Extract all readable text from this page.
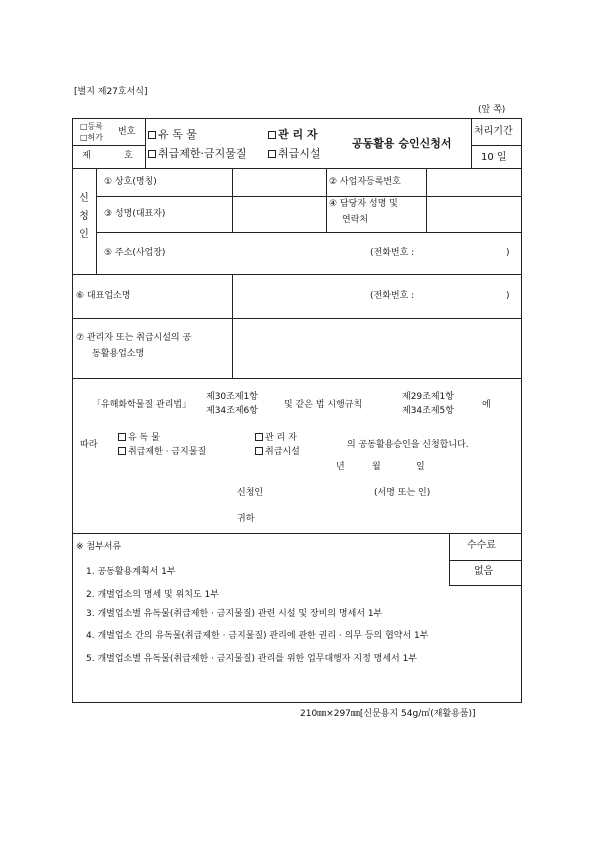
[별지 제27호서식]
(앞 쪽)
□등록
□허가
번호
제	호
유 독 물
취급제한·금지물질
관 리 자
취급시설
공동활용 승인신청서
처리기간
10 일
신
청
인
① 상호(명칭)	② 사업자등록번호
③ 성명(대표자)
④ 담당자 성명 및
연락처
⑤ 주소(사업장)	(전화번호 :	)
⑥ 대표업소명	(전화번호 :	)
⑦ 관리자 또는 취급시설의 공
동활용업소명
「유해화학물질 관리법」
제30조제1항
제34조제6항
및 같은 법 시행규칙
제29조제1항
제34조제5항
에
따라
유 독 물
취급제한 · 금지물질
관 리 자
취급시설
의 공동활용승인을 신청합니다.
년	월	일
신청인	(서명 또는 인)
귀하
※ 첨부서류
1. 공동활용계획서 1부
2. 개별업소의 명세 및 위치도 1부
3. 개별업소별 유독물(취급제한 · 금지물질) 관련 시설 및 장비의 명세서 1부
4. 개별업소 간의 유독물(취급제한 · 금지물질) 관리에 관한 권리 · 의무 등의 협약서 1부
5. 개별업소별 유독물(취급제한 · 금지물질) 관리를 위한 업무대행자 지정 명세서 1부
수수료
없음
210㎜×297㎜[신문용지 54g/㎡(재활용품)]
